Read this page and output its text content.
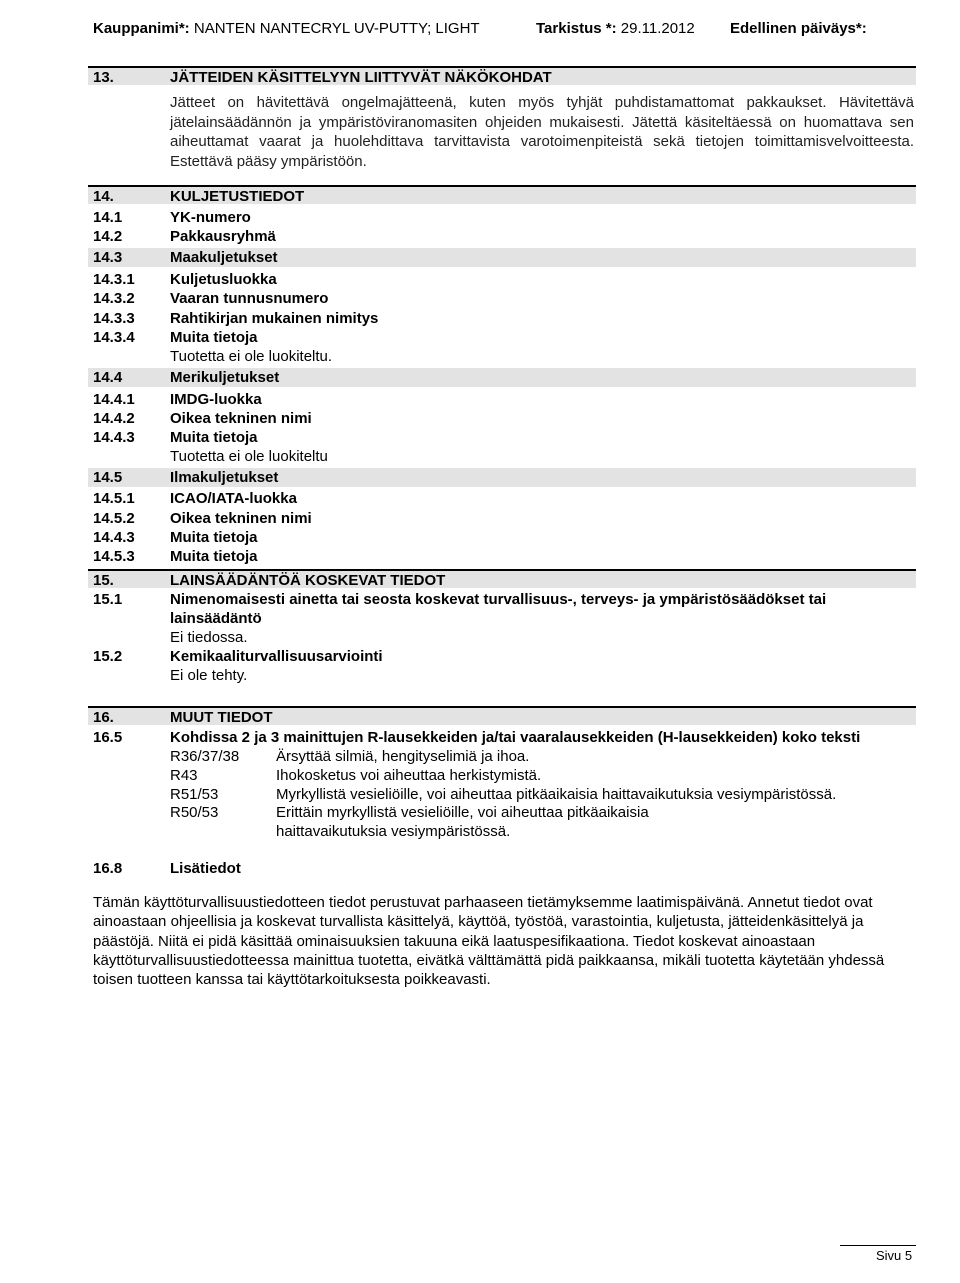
Kauppanimi*: NANTEN NANTECRYL UV-PUTTY; LIGHT	Tarkistus *: 29.11.2012 Edellinen päiväys*:
13.	JÄTTEIDEN KÄSITTELYYN LIITTYVÄT NÄKÖKOHDAT
Jätteet on hävitettävä ongelmajätteenä, kuten myös tyhjät puhdistamattomat pakkaukset. Hävitettävä jätelainsäädännön ja ympäristöviranomasiten ohjeiden mukaisesti. Jätettä käsiteltäessä on huomattava sen aiheuttamat vaarat ja huolehdittava tarvittavista varotoimenpiteistä sekä tietojen toimittamisvelvoitteesta. Estettävä pääsy ympäristöön.
14.	KULJETUSTIEDOT
14.1	YK-numero
14.2	Pakkausryhmä
14.3	Maakuljetukset
14.3.1 Kuljetusluokka
14.3.2 Vaaran tunnusnumero
14.3.3 Rahtikirjan mukainen nimitys
14.3.4 Muita tietoja
Tuotetta ei ole luokiteltu.
14.4	Merikuljetukset
14.4.1 IMDG-luokka
14.4.2 Oikea tekninen nimi
14.4.3 Muita tietoja
Tuotetta ei ole luokiteltu
14.5	Ilmakuljetukset
14.5.1 ICAO/IATA-luokka
14.5.2 Oikea tekninen nimi
14.4.3 Muita tietoja
14.5.3 Muita tietoja
15.	LAINSÄÄDÄNTÖÄ KOSKEVAT TIEDOT
15.1	Nimenomaisesti ainetta tai seosta koskevat turvallisuus-, terveys- ja ympäristösäädökset tai
lainsäädäntö
Ei tiedossa.
15.2	Kemikaaliturvallisuusarviointi
Ei ole tehty.
16.	MUUT TIEDOT
16.5	Kohdissa 2 ja 3 mainittujen R-lausekkeiden ja/tai vaaralausekkeiden (H-lausekkeiden) koko teksti
R36/37/38 Ärsyttää silmiä, hengityselimiä ja ihoa.
R43	Ihokosketus voi aiheuttaa herkistymistä.
R51/53	Myrkyllistä vesieliöille, voi aiheuttaa pitkäaikaisia haittavaikutuksia vesiympäristössä.
R50/53	Erittäin myrkyllistä vesieliöille, voi aiheuttaa pitkäaikaisia haittavaikutuksia vesiympäristössä.
16.8	Lisätiedot
Tämän käyttöturvallisuustiedotteen tiedot perustuvat parhaaseen tietämyksemme laatimispäivänä. Annetut tiedot ovat ainoastaan ohjeellisia ja koskevat turvallista käsittelyä, käyttöä, työstöä, varastointia, kuljetusta, jätteidenkäsittelyä ja päästöjä. Niitä ei pidä käsittää ominaisuuksien takuuna eikä laatuspesifikaationa. Tiedot koskevat ainoastaan käyttöturvallisuustiedotteessa mainittua tuotetta, eivätkä välttämättä pidä paikkaansa, mikäli tuotetta käytetään yhdessä toisen tuotteen kanssa tai käyttötarkoituksesta poikkeavasti.
Sivu 5
